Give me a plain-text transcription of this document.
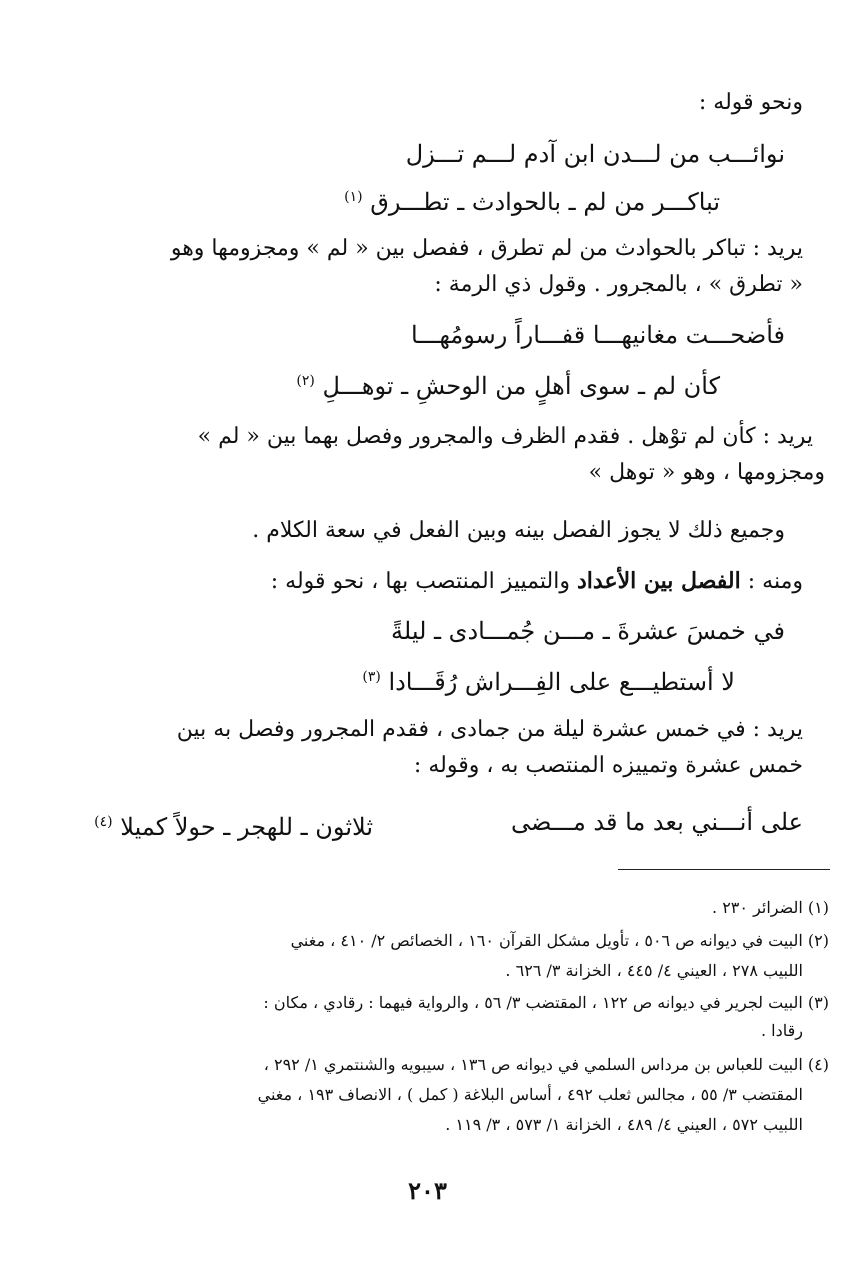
ونحو قوله :
نوائـــب من لـــدن ابن آدم لـــم تـــزل
تباكـــر من لم ـ بالحوادث ـ تطـــرق $^{(١)}$
يريد : تباكر بالحوادث من لم تطرق ، ففصل بين « لم » ومجزومها وهو
« تطرق » ، بالمجرور . وقول ذي الرمة :
فأضحـــت مغانيهـــا قفـــاراً رسومُهـــا
كأن لم ـ سوى أهلٍ من الوحشِ ـ توهـــلِ $^{(٢)}$
يريد : كأن لم توْهل . فقدم الظرف والمجرور وفصل بهما بين « لم »
ومجزومها ، وهو « توهل »
وجميع ذلك لا يجوز الفصل بينه وبين الفعل في سعة الكلام .
ومنه : الفصل بين الأعداد والتمييز المنتصب بها ، نحو قوله :
في خمسَ عشرةَ ـ مـــن جُمـــادى ـ ليلةً
لا أستطيـــع على الفِـــراش رُقَـــادا $^{(٣)}$
يريد : في خمس عشرة ليلة من جمادى ، فقدم المجرور وفصل به بين
خمس عشرة وتمييزه المنتصب به ، وقوله :
على أنـــني بعد ما قد مـــضى
ثلاثون ـ للهجر ـ حولاً كميلا $^{(٤)}$
(١) الضرائر ٢٣٠ .
(٢) البيت في ديوانه ص ٥٠٦ ، تأويل مشكل القرآن ١٦٠ ، الخصائص ٢/ ٤١٠ ، مغني
اللبيب ٢٧٨ ، العيني ٤/ ٤٤٥ ، الخزانة ٣/ ٦٢٦ .
(٣) البيت لجرير في ديوانه ص ١٢٢ ، المقتضب ٣/ ٥٦ ، والرواية فيهما : رقادي ، مكان :
رقادا .
(٤) البيت للعباس بن مرداس السلمي في ديوانه ص ١٣٦ ، سيبويه والشنتمري ١/ ٢٩٢ ،
المقتضب ٣/ ٥٥ ، مجالس ثعلب ٤٩٢ ، أساس البلاغة ( كمل ) ، الانصاف ١٩٣ ، مغني
اللبيب ٥٧٢ ، العيني ٤/ ٤٨٩ ، الخزانة ١/ ٥٧٣ ، ٣/ ١١٩ .
٢٠٣
